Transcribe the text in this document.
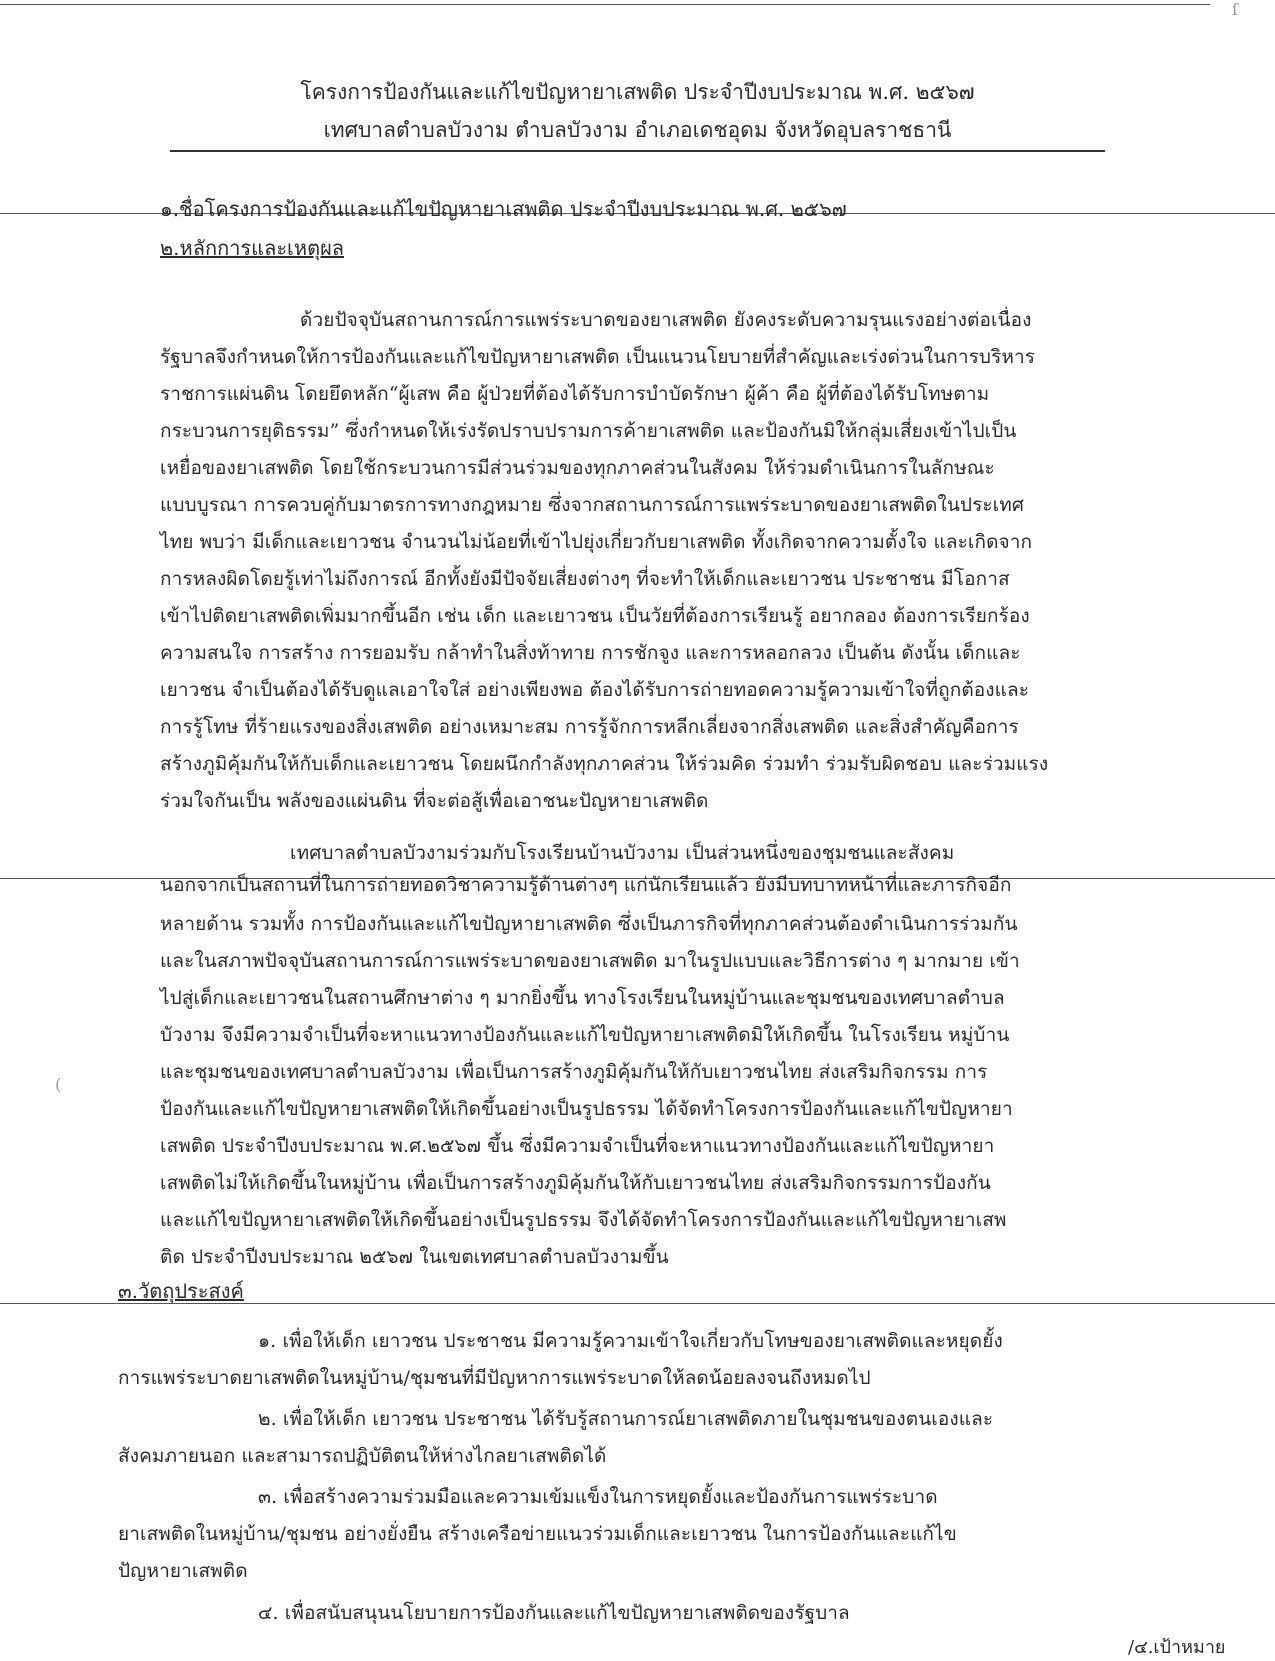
โครงการป้องกันและแก้ไขปัญหายาเสพติด ประจำปีงบประมาณ พ.ศ. ๒๕๖๗
เทศบาลตำบลบัวงาม ตำบลบัวงาม อำเภอเดชอุดม จังหวัดอุบลราชธานี
๑.ชื่อโครงการป้องกันและแก้ไขปัญหายาเสพติด ประจำปีงบประมาณ พ.ศ. ๒๕๖๗
๒.หลักการและเหตุผล
ด้วยปัจจุบันสถานการณ์การแพร่ระบาดของยาเสพติด ยังคงระดับความรุนแรงอย่างต่อเนื่อง
รัฐบาลจึงกำหนดให้การป้องกันและแก้ไขปัญหายาเสพติด เป็นแนวนโยบายที่สำคัญและเร่งด่วนในการบริหาร
ราชการแผ่นดิน โดยยึดหลัก“ผู้เสพ คือ ผู้ป่วยที่ต้องได้รับการบำบัดรักษา ผู้ค้า คือ ผู้ที่ต้องได้รับโทษตาม
กระบวนการยุติธรรม” ซึ่งกำหนดให้เร่งรัดปราบปรามการค้ายาเสพติด และป้องกันมิให้กลุ่มเสี่ยงเข้าไปเป็น
เหยื่อของยาเสพติด โดยใช้กระบวนการมีส่วนร่วมของทุกภาคส่วนในสังคม ให้ร่วมดำเนินการในลักษณะ
แบบบูรณา การควบคู่กับมาตรการทางกฎหมาย ซึ่งจากสถานการณ์การแพร่ระบาดของยาเสพติดในประเทศ
ไทย พบว่า มีเด็กและเยาวชน จำนวนไม่น้อยที่เข้าไปยุ่งเกี่ยวกับยาเสพติด ทั้งเกิดจากความตั้งใจ และเกิดจาก
การหลงผิดโดยรู้เท่าไม่ถึงการณ์ อีกทั้งยังมีปัจจัยเสี่ยงต่างๆ ที่จะทำให้เด็กและเยาวชน ประชาชน มีโอกาส
เข้าไปติดยาเสพติดเพิ่มมากขึ้นอีก เช่น เด็ก และเยาวชน เป็นวัยที่ต้องการเรียนรู้ อยากลอง ต้องการเรียกร้อง
ความสนใจ การสร้าง การยอมรับ กล้าทำในสิ่งท้าทาย การชักจูง และการหลอกลวง เป็นต้น ดังนั้น เด็กและ
เยาวชน จำเป็นต้องได้รับดูแลเอาใจใส่ อย่างเพียงพอ ต้องได้รับการถ่ายทอดความรู้ความเข้าใจที่ถูกต้องและ
การรู้โทษ ที่ร้ายแรงของสิ่งเสพติด อย่างเหมาะสม การรู้จักการหลีกเลี่ยงจากสิ่งเสพติด และสิ่งสำคัญคือการ
สร้างภูมิคุ้มกันให้กับเด็กและเยาวชน โดยผนึกกำลังทุกภาคส่วน ให้ร่วมคิด ร่วมทำ ร่วมรับผิดชอบ และร่วมแรง
ร่วมใจกันเป็น พลังของแผ่นดิน ที่จะต่อสู้เพื่อเอาชนะปัญหายาเสพติด
เทศบาลตำบลบัวงามร่วมกับโรงเรียนบ้านบัวงาม เป็นส่วนหนึ่งของชุมชนและสังคม
นอกจากเป็นสถานที่ในการถ่ายทอดวิชาความรู้ด้านต่างๆ แก่นักเรียนแล้ว ยังมีบทบาทหน้าที่และภารกิจอีก
หลายด้าน รวมทั้ง การป้องกันและแก้ไขปัญหายาเสพติด ซึ่งเป็นภารกิจที่ทุกภาคส่วนต้องดำเนินการร่วมกัน
และในสภาพปัจจุบันสถานการณ์การแพร่ระบาดของยาเสพติด มาในรูปแบบและวิธีการต่าง ๆ มากมาย เข้า
ไปสู่เด็กและเยาวชนในสถานศึกษาต่าง ๆ มากยิ่งขึ้น ทางโรงเรียนในหมู่บ้านและชุมชนของเทศบาลตำบล
บัวงาม จึงมีความจำเป็นที่จะหาแนวทางป้องกันและแก้ไขปัญหายาเสพติดมิให้เกิดขึ้น ในโรงเรียน หมู่บ้าน
และชุมชนของเทศบาลตำบลบัวงาม เพื่อเป็นการสร้างภูมิคุ้มกันให้กับเยาวชนไทย ส่งเสริมกิจกรรม การ
ป้องกันและแก้ไขปัญหายาเสพติดให้เกิดขึ้นอย่างเป็นรูปธรรม ได้จัดทำโครงการป้องกันและแก้ไขปัญหายา
เสพติด ประจำปีงบประมาณ พ.ศ.๒๕๖๗ ขึ้น ซึ่งมีความจำเป็นที่จะหาแนวทางป้องกันและแก้ไขปัญหายา
เสพติดไม่ให้เกิดขึ้นในหมู่บ้าน เพื่อเป็นการสร้างภูมิคุ้มกันให้กับเยาวชนไทย ส่งเสริมกิจกรรมการป้องกัน
และแก้ไขปัญหายาเสพติดให้เกิดขึ้นอย่างเป็นรูปธรรม จึงได้จัดทำโครงการป้องกันและแก้ไขปัญหายาเสพ
ติด ประจำปีงบประมาณ ๒๕๖๗ ในเขตเทศบาลตำบลบัวงามขึ้น
๓.วัตถุประสงค์
๑. เพื่อให้เด็ก เยาวชน ประชาชน มีความรู้ความเข้าใจเกี่ยวกับโทษของยาเสพติดและหยุดยั้ง
การแพร่ระบาดยาเสพติดในหมู่บ้าน/ชุมชนที่มีปัญหาการแพร่ระบาดให้ลดน้อยลงจนถึงหมดไป
๒. เพื่อให้เด็ก เยาวชน ประชาชน ได้รับรู้สถานการณ์ยาเสพติดภายในชุมชนของตนเองและ
สังคมภายนอก และสามารถปฏิบัติตนให้ห่างไกลยาเสพติดได้
๓. เพื่อสร้างความร่วมมือและความเข้มแข็งในการหยุดยั้งและป้องกันการแพร่ระบาด
ยาเสพติดในหมู่บ้าน/ชุมชน อย่างยั่งยืน สร้างเครือข่ายแนวร่วมเด็กและเยาวชน ในการป้องกันและแก้ไข
ปัญหายาเสพติด
๔. เพื่อสนับสนุนนโยบายการป้องกันและแก้ไขปัญหายาเสพติดของรัฐบาล
/๔.เป้าหมาย
(
ſ
